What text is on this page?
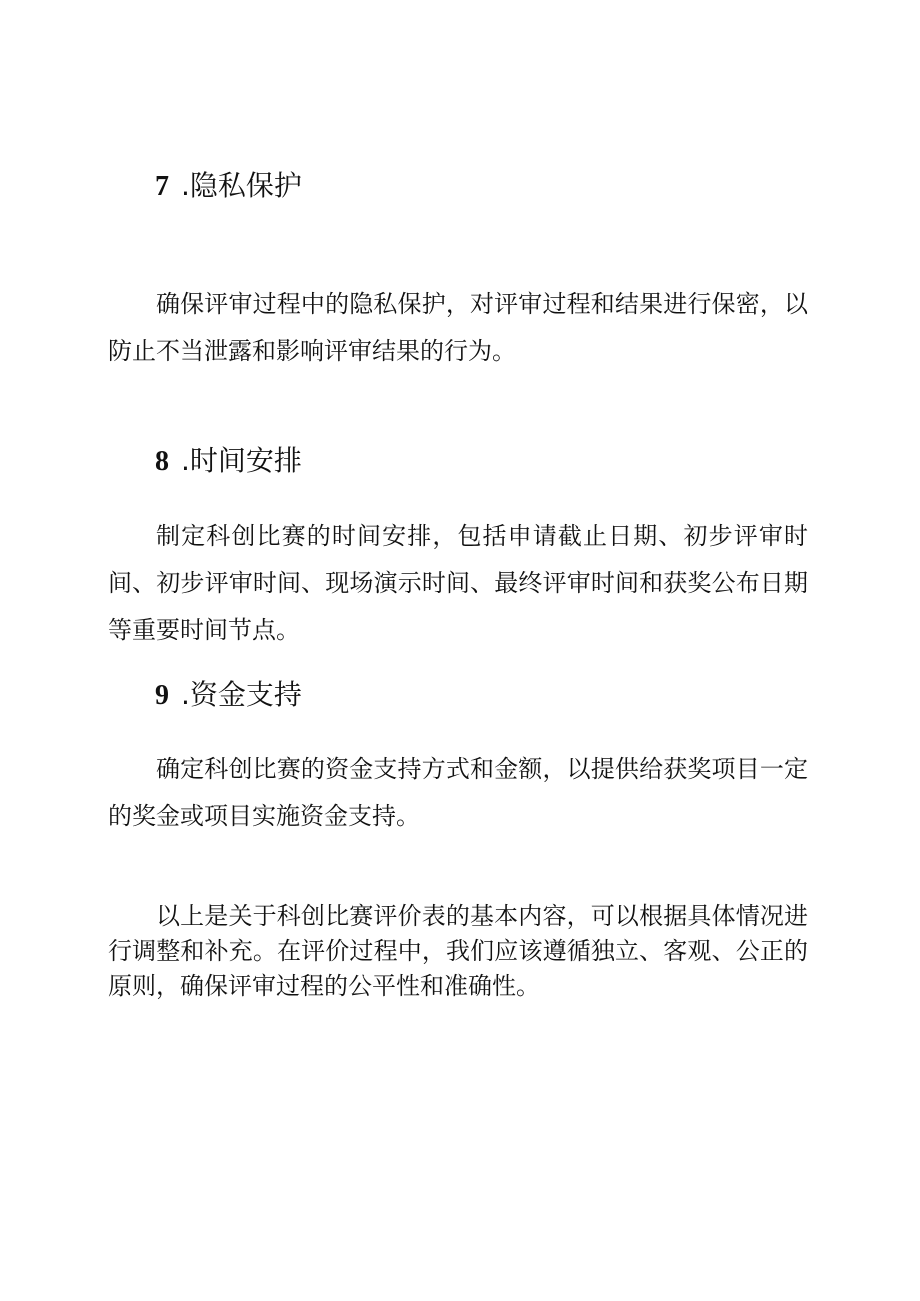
7 .隐私保护

确保评审过程中的隐私保护，对评审过程和结果进行保密，以防止不当泄露和影响评审结果的行为。

8 .时间安排

制定科创比赛的时间安排，包括申请截止日期、初步评审时间、初步评审时间、现场演示时间、最终评审时间和获奖公布日期等重要时间节点。

9 .资金支持

确定科创比赛的资金支持方式和金额，以提供给获奖项目一定的奖金或项目实施资金支持。

以上是关于科创比赛评价表的基本内容，可以根据具体情况进行调整和补充。在评价过程中，我们应该遵循独立、客观、公正的原则，确保评审过程的公平性和准确性。
